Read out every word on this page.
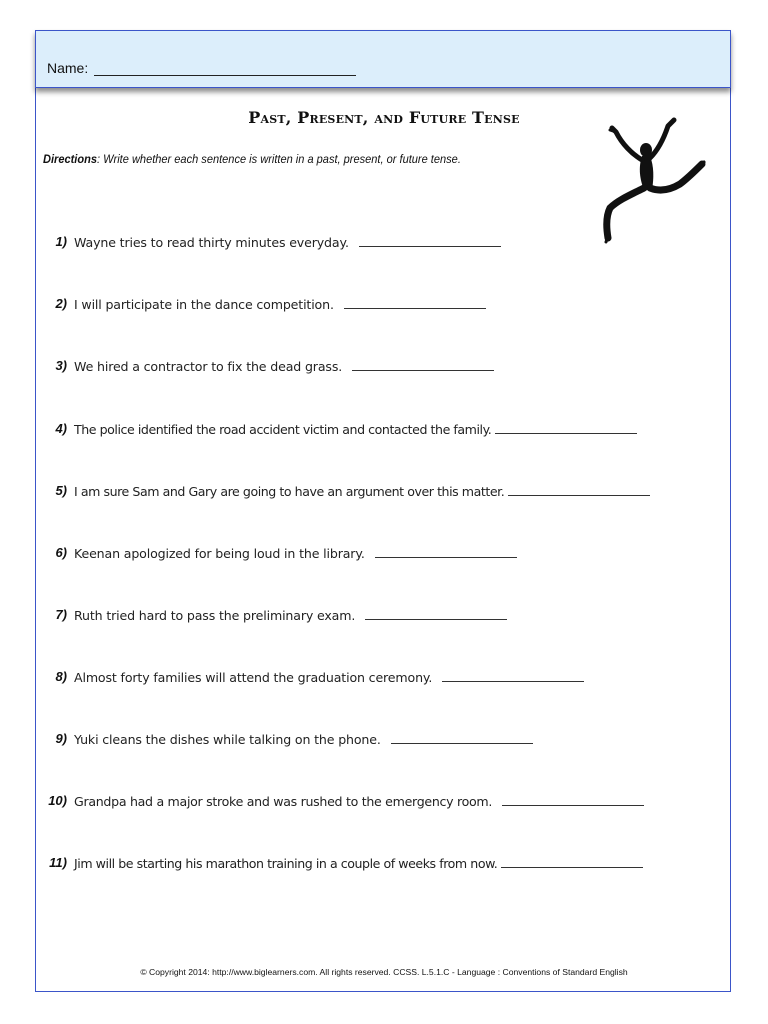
Name:
Past, Present, and Future Tense
Directions: Write whether each sentence is written in a past, present, or future tense.
1) Wayne tries to read thirty minutes everyday.
2) I will participate in the dance competition.
3) We hired a contractor to fix the dead grass.
4) The police identified the road accident victim and contacted the family.
5) I am sure Sam and Gary are going to have an argument over this matter.
6) Keenan apologized for being loud in the library.
7) Ruth tried hard to pass the preliminary exam.
8) Almost forty families will attend the graduation ceremony.
9) Yuki cleans the dishes while talking on the phone.
10) Grandpa had a major stroke and was rushed to the emergency room.
11) Jim will be starting his marathon training in a couple of weeks from now.
© Copyright 2014: http://www.biglearners.com. All rights reserved. CCSS. L.5.1.C - Language : Conventions of Standard English
